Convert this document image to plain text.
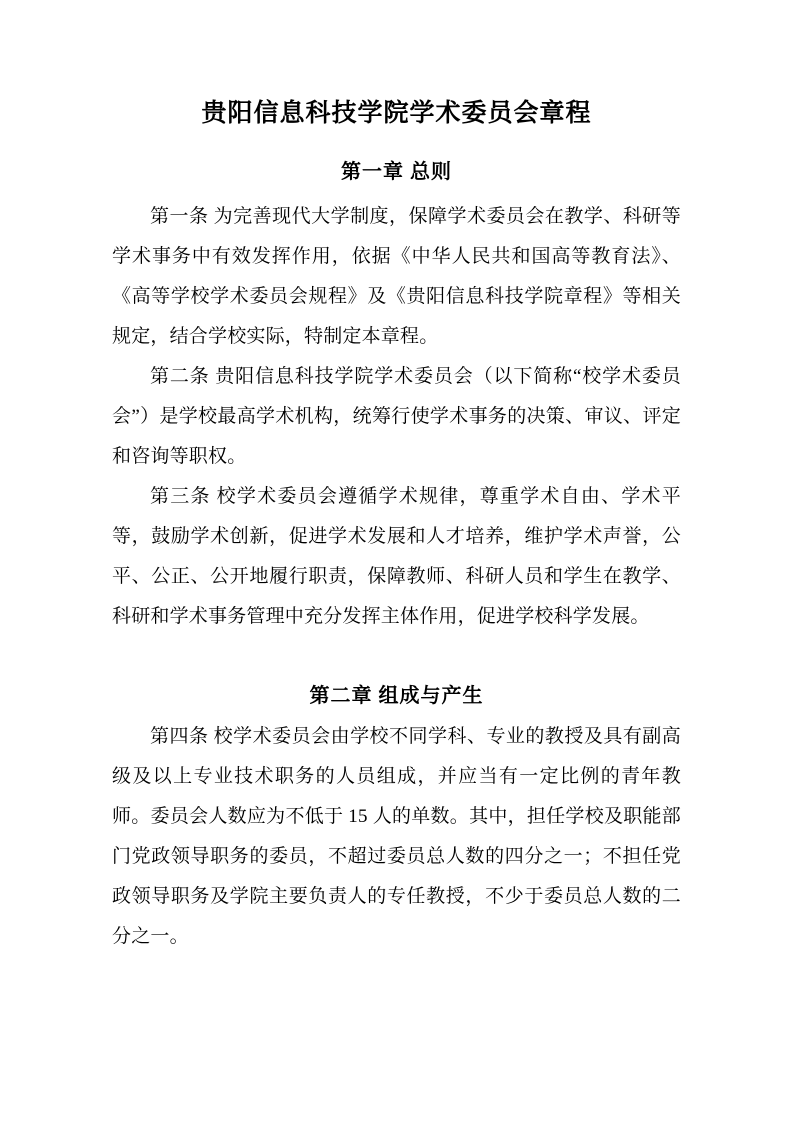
贵阳信息科技学院学术委员会章程
第一章 总则

第一条 为完善现代大学制度，保障学术委员会在教学、科研等学术事务中有效发挥作用，依据《中华人民共和国高等教育法》、《高等学校学术委员会规程》及《贵阳信息科技学院章程》等相关规定，结合学校实际，特制定本章程。

第二条 贵阳信息科技学院学术委员会（以下简称“校学术委员会”）是学校最高学术机构，统筹行使学术事务的决策、审议、评定和咨询等职权。

第三条 校学术委员会遵循学术规律，尊重学术自由、学术平等，鼓励学术创新，促进学术发展和人才培养，维护学术声誉，公平、公正、公开地履行职责，保障教师、科研人员和学生在教学、科研和学术事务管理中充分发挥主体作用，促进学校科学发展。

第二章 组成与产生

第四条 校学术委员会由学校不同学科、专业的教授及具有副高级及以上专业技术职务的人员组成，并应当有一定比例的青年教师。委员会人数应为不低于 15 人的单数。其中，担任学校及职能部门党政领导职务的委员，不超过委员总人数的四分之一；不担任党政领导职务及学院主要负责人的专任教授，不少于委员总人数的二分之一。
